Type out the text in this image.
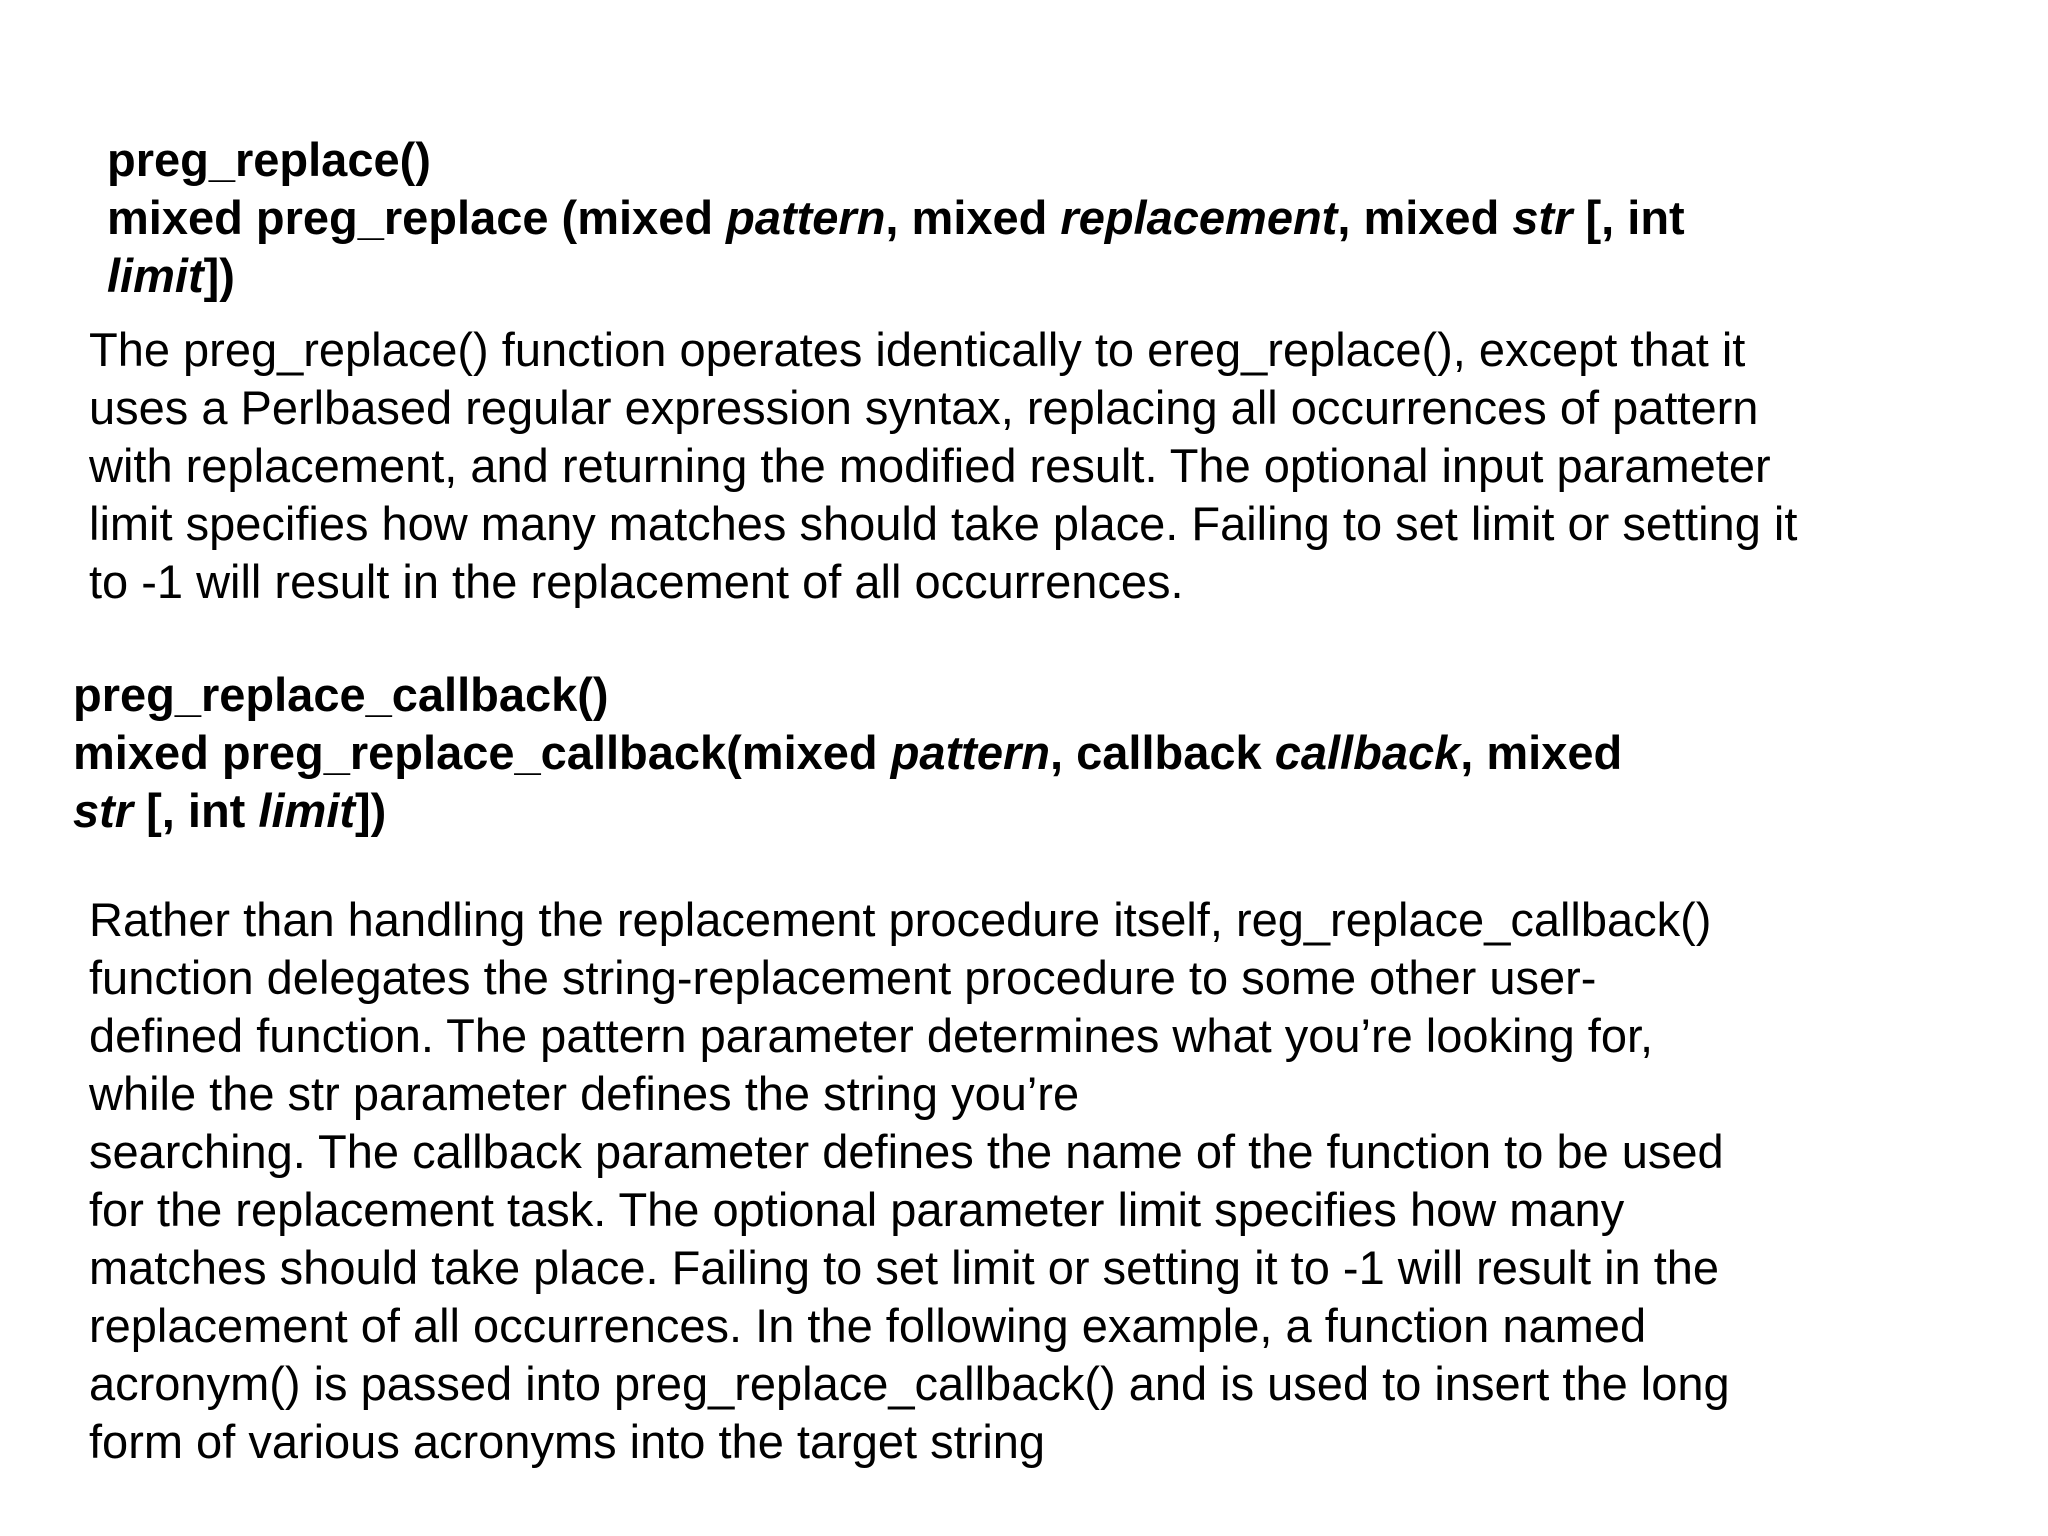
preg_replace()
mixed preg_replace (mixed pattern, mixed replacement, mixed str [, int
limit])
The preg_replace() function operates identically to ereg_replace(), except that it
uses a Perlbased regular expression syntax, replacing all occurrences of pattern
with replacement, and returning the modified result. The optional input parameter
limit specifies how many matches should take place. Failing to set limit or setting it
to -1 will result in the replacement of all occurrences.
preg_replace_callback()
mixed preg_replace_callback(mixed pattern, callback callback, mixed
str [, int limit])
Rather than handling the replacement procedure itself, reg_replace_callback()
function delegates the string-replacement procedure to some other user-
defined function. The pattern parameter determines what you’re looking for,
while the str parameter defines the string you’re
searching. The callback parameter defines the name of the function to be used
for the replacement task. The optional parameter limit specifies how many
matches should take place. Failing to set limit or setting it to -1 will result in the
replacement of all occurrences. In the following example, a function named
acronym() is passed into preg_replace_callback() and is used to insert the long
form of various acronyms into the target string
